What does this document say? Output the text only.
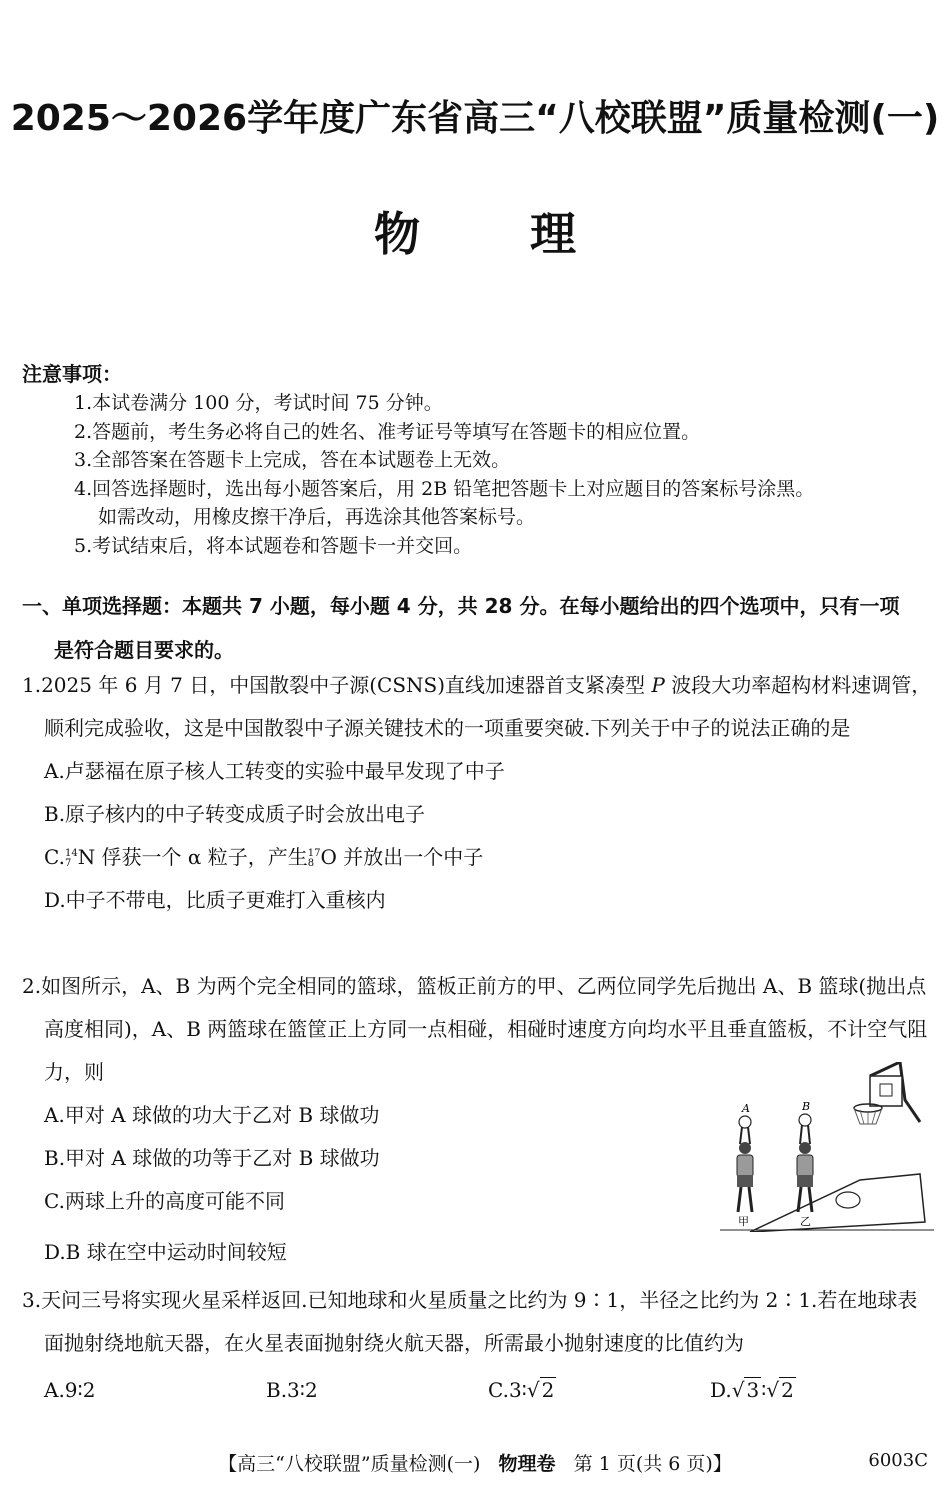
2025～2026学年度广东省高三“八校联盟”质量检测(一)
物理
注意事项：
1.本试卷满分 100 分，考试时间 75 分钟。
2.答题前，考生务必将自己的姓名、准考证号等填写在答题卡的相应位置。
3.全部答案在答题卡上完成，答在本试题卷上无效。
4.回答选择题时，选出每小题答案后，用 2B 铅笔把答题卡上对应题目的答案标号涂黑。
如需改动，用橡皮擦干净后，再选涂其他答案标号。
5.考试结束后，将本试题卷和答题卡一并交回。
一、单项选择题：本题共 7 小题，每小题 4 分，共 28 分。在每小题给出的四个选项中，只有一项
是符合题目要求的。
1.2025 年 6 月 7 日，中国散裂中子源(CSNS)直线加速器首支紧凑型 P 波段大功率超构材料速调管，顺利完成验收，这是中国散裂中子源关键技术的一项重要突破.下列关于中子的说法正确的是
A.卢瑟福在原子核人工转变的实验中最早发现了中子
B.原子核内的中子转变成质子时会放出电子
C. 14
7 N 俘获一个 α 粒子，产生 17
8 O 并放出一个中子
D.中子不带电，比质子更难打入重核内
2.如图所示，A、B 为两个完全相同的篮球，篮板正前方的甲、乙两位同学先后抛出 A、B 篮球(抛出点高度相同)，A、B 两篮球在篮筐正上方同一点相碰，相碰时速度方向均水平且垂直篮板，不计空气阻力，则
A.甲对 A 球做的功大于乙对 B 球做功
B.甲对 A 球做的功等于乙对 B 球做功
C.两球上升的高度可能不同
D.B 球在空中运动时间较短
A	B
甲	乙
3.天问三号将实现火星采样返回.已知地球和火星质量之比约为 9∶1，半径之比约为 2∶1.若在地球表面抛射绕地航天器，在火星表面抛射绕火航天器，所需最小抛射速度的比值约为
A.9∶2	B.3∶2	C.3∶√ 2	D.√ 3 ∶√ 2
【高三“八校联盟”质量检测(一) 物理卷 第 1 页(共 6 页)】	6003C
